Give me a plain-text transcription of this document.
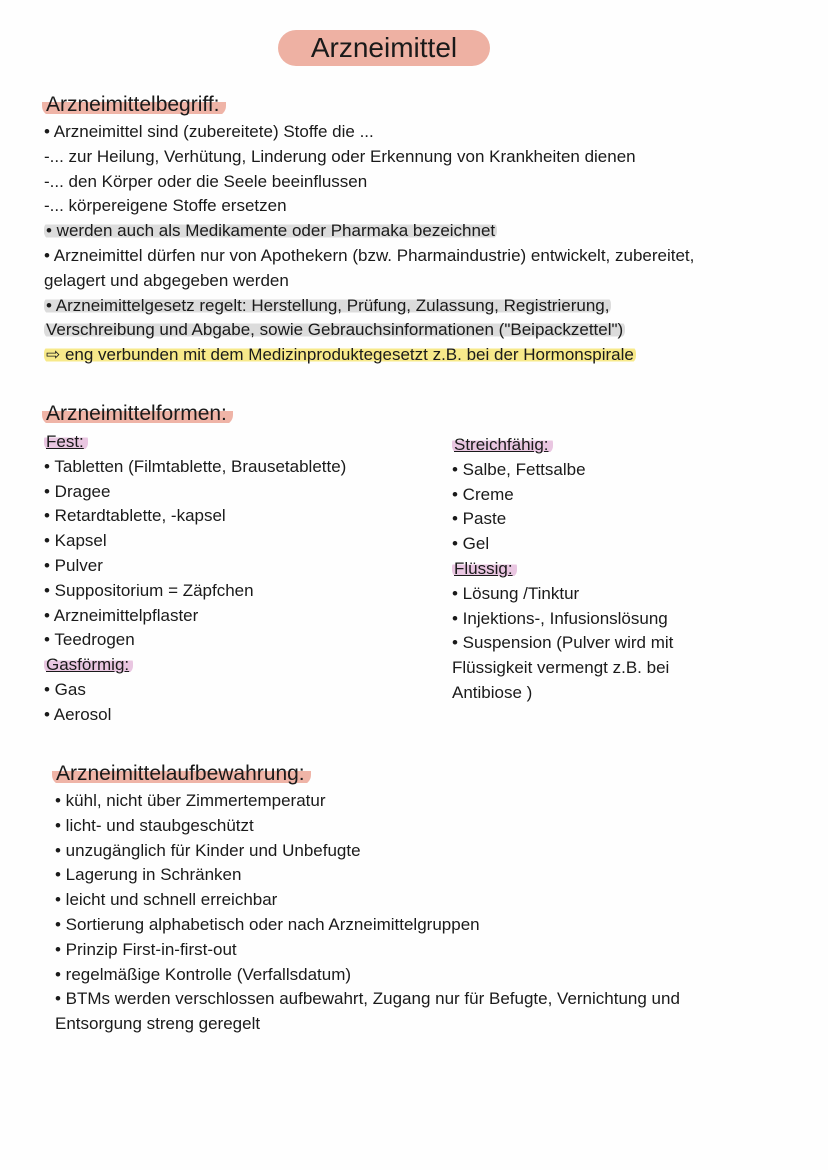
Arzneimittel
Arzneimittelbegriff:
• Arzneimittel sind (zubereitete) Stoffe die ...
-... zur Heilung, Verhütung, Linderung oder Erkennung von Krankheiten dienen
-... den Körper oder die Seele beeinflussen
-... körpereigene Stoffe ersetzen
• werden auch als Medikamente oder Pharmaka bezeichnet
• Arzneimittel dürfen nur von Apothekern (bzw. Pharmaindustrie) entwickelt, zubereitet,
gelagert und abgegeben werden
• Arzneimittelgesetz regelt: Herstellung, Prüfung, Zulassung, Registrierung,
Verschreibung und Abgabe, sowie Gebrauchsinformationen ("Beipackzettel")
⇨ eng verbunden mit dem Medizinproduktegesetzt z.B. bei der Hormonspirale
Arzneimittelformen:
Fest:
• Tabletten (Filmtablette, Brausetablette)
• Dragee
• Retardtablette, -kapsel
• Kapsel
• Pulver
• Suppositorium = Zäpfchen
• Arzneimittelpflaster
• Teedrogen
Gasförmig:
• Gas
• Aerosol
Streichfähig:
• Salbe, Fettsalbe
• Creme
• Paste
• Gel
Flüssig:
• Lösung /Tinktur
• Injektions-, Infusionslösung
• Suspension (Pulver wird mit
Flüssigkeit vermengt z.B. bei
Antibiose )
Arzneimittelaufbewahrung:
• kühl, nicht über Zimmertemperatur
• licht- und staubgeschützt
• unzugänglich für Kinder und Unbefugte
• Lagerung in Schränken
• leicht und schnell erreichbar
• Sortierung alphabetisch oder nach Arzneimittelgruppen
• Prinzip First-in-first-out
• regelmäßige Kontrolle (Verfallsdatum)
• BTMs werden verschlossen aufbewahrt, Zugang nur für Befugte, Vernichtung und
Entsorgung streng geregelt
